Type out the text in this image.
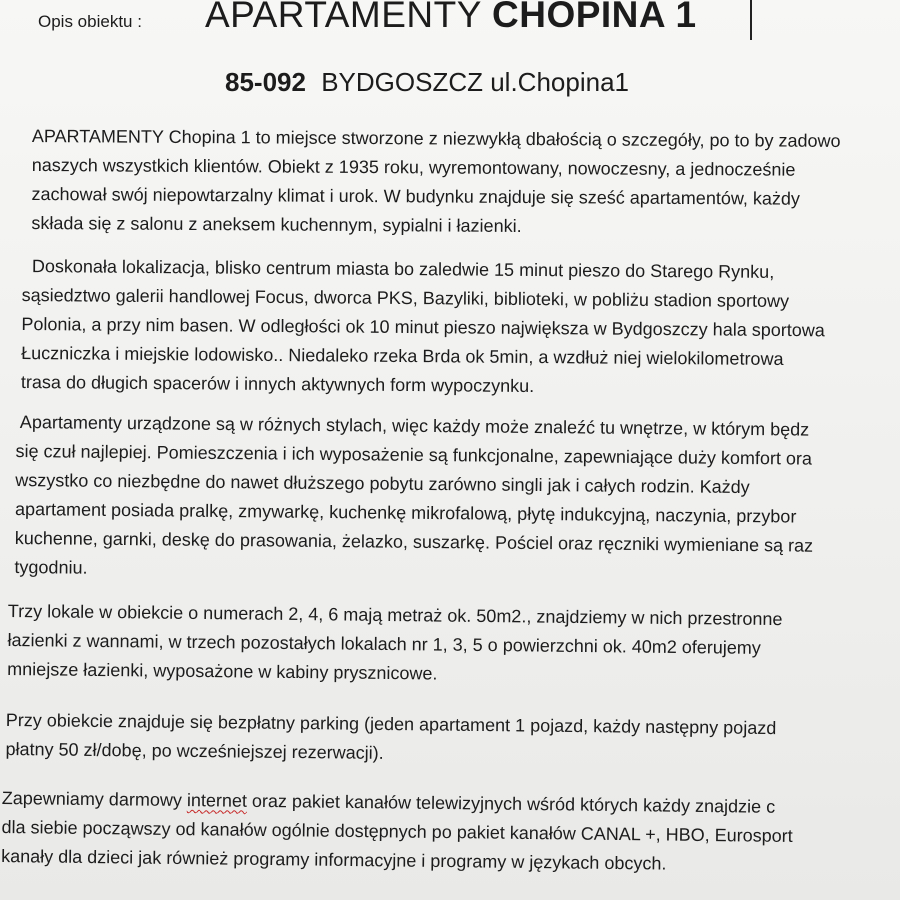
Opis obiektu : APARTAMENTY CHOPINA 1
85-092 BYDGOSZCZ ul.Chopina1
APARTAMENTY Chopina 1 to miejsce stworzone z niezwykłą dbałością o szczegóły, po to by zadowo
naszych wszystkich klientów. Obiekt z 1935 roku, wyremontowany, nowoczesny, a jednocześnie
zachował swój niepowtarzalny klimat i urok. W budynku znajduje się sześć apartamentów, każdy
składa się z salonu z aneksem kuchennym, sypialni i łazienki.
Doskonała lokalizacja, blisko centrum miasta bo zaledwie 15 minut pieszo do Starego Rynku,
sąsiedztwo galerii handlowej Focus, dworca PKS, Bazyliki, biblioteki, w pobliżu stadion sportowy
Polonia, a przy nim basen. W odległości ok 10 minut pieszo największa w Bydgoszczy hala sportowa
Łuczniczka i miejskie lodowisko.. Niedaleko rzeka Brda ok 5min, a wzdłuż niej wielokilometrowa
trasa do długich spacerów i innych aktywnych form wypoczynku.
Apartamenty urządzone są w różnych stylach, więc każdy może znaleźć tu wnętrze, w którym będz
się czuł najlepiej. Pomieszczenia i ich wyposażenie są funkcjonalne, zapewniające duży komfort ora
wszystko co niezbędne do nawet dłuższego pobytu zarówno singli jak i całych rodzin. Każdy
apartament posiada pralkę, zmywarkę, kuchenkę mikrofalową, płytę indukcyjną, naczynia, przybor
kuchenne, garnki, deskę do prasowania, żelazko, suszarkę. Pościel oraz ręczniki wymieniane są raz
tygodniu.
Trzy lokale w obiekcie o numerach 2, 4, 6 mają metraż ok. 50m2., znajdziemy w nich przestronne
łazienki z wannami, w trzech pozostałych lokalach nr 1, 3, 5 o powierzchni ok. 40m2 oferujemy
mniejsze łazienki, wyposażone w kabiny prysznicowe.
Przy obiekcie znajduje się bezpłatny parking (jeden apartament 1 pojazd, każdy następny pojazd
płatny 50 zł/dobę, po wcześniejszej rezerwacji).
Zapewniamy darmowy internet oraz pakiet kanałów telewizyjnych wśród których każdy znajdzie c
dla siebie począwszy od kanałów ogólnie dostępnych po pakiet kanałów CANAL +, HBO, Eurosport
kanały dla dzieci jak również programy informacyjne i programy w językach obcych.
